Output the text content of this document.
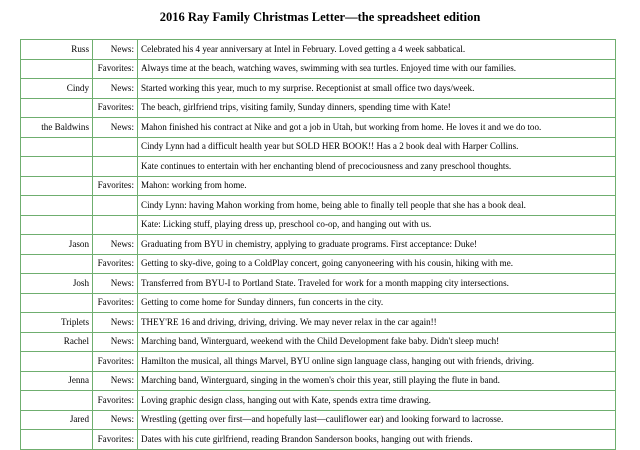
2016 Ray Family Christmas Letter—the spreadsheet edition
Russ	News:	Celebrated his 4 year anniversary at Intel in February. Loved getting a 4 week sabbatical.
	Favorites:	Always time at the beach, watching waves, swimming with sea turtles. Enjoyed time with our families.
Cindy	News:	Started working this year, much to my surprise. Receptionist at small office two days/week.
	Favorites:	The beach, girlfriend trips, visiting family, Sunday dinners, spending time with Kate!
the Baldwins	News:	Mahon finished his contract at Nike and got a job in Utah, but working from home. He loves it and we do too.
		Cindy Lynn had a difficult health year but SOLD HER BOOK!! Has a 2 book deal with Harper Collins.
		Kate continues to entertain with her enchanting blend of precociousness and zany preschool thoughts.
	Favorites:	Mahon: working from home.
		Cindy Lynn: having Mahon working from home, being able to finally tell people that she has a book deal.
		Kate: Licking stuff, playing dress up, preschool co-op, and hanging out with us.
Jason	News:	Graduating from BYU in chemistry, applying to graduate programs. First acceptance: Duke!
	Favorites:	Getting to sky-dive, going to a ColdPlay concert, going canyoneering with his cousin, hiking with me.
Josh	News:	Transferred from BYU-I to Portland State. Traveled for work for a month mapping city intersections.
	Favorites:	Getting to come home for Sunday dinners, fun concerts in the city.
Triplets	News:	THEY'RE 16 and driving, driving, driving. We may never relax in the car again!!
Rachel	News:	Marching band, Winterguard, weekend with the Child Development fake baby. Didn't sleep much!
	Favorites:	Hamilton the musical, all things Marvel, BYU online sign language class, hanging out with friends, driving.
Jenna	News:	Marching band, Winterguard, singing in the women's choir this year, still playing the flute in band.
	Favorites:	Loving graphic design class, hanging out with Kate, spends extra time drawing.
Jared	News:	Wrestling (getting over first—and hopefully last—cauliflower ear) and looking forward to lacrosse.
	Favorites:	Dates with his cute girlfriend, reading Brandon Sanderson books, hanging out with friends.
